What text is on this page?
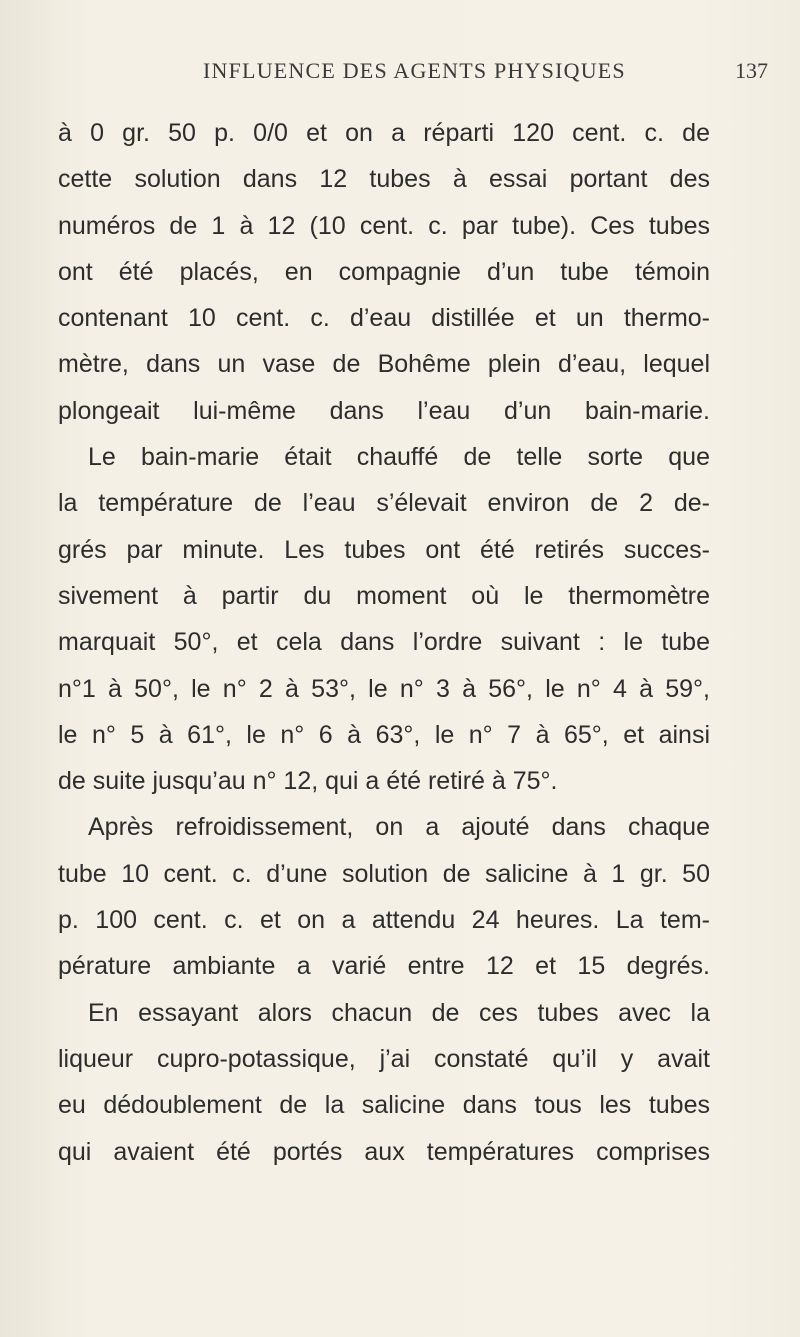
INFLUENCE DES AGENTS PHYSIQUES	137
à 0 gr. 50 p. 0/0 et on a réparti 120 cent. c. de
cette solution dans 12 tubes à essai portant des
numéros de 1 à 12 (10 cent. c. par tube). Ces tubes
ont été placés, en compagnie d’un tube témoin
contenant 10 cent. c. d’eau distillée et un thermo-
mètre, dans un vase de Bohême plein d’eau, lequel
plongeait lui-même dans l’eau d’un bain-marie.
Le bain-marie était chauffé de telle sorte que
la température de l’eau s’élevait environ de 2 de-
grés par minute. Les tubes ont été retirés succes-
sivement à partir du moment où le thermomètre
marquait 50°, et cela dans l’ordre suivant : le tube
n°1 à 50°, le n° 2 à 53°, le n° 3 à 56°, le n° 4 à 59°,
le n° 5 à 61°, le n° 6 à 63°, le n° 7 à 65°, et ainsi
de suite jusqu’au n° 12, qui a été retiré à 75°.
Après refroidissement, on a ajouté dans chaque
tube 10 cent. c. d’une solution de salicine à 1 gr. 50
p. 100 cent. c. et on a attendu 24 heures. La tem-
pérature ambiante a varié entre 12 et 15 degrés.
En essayant alors chacun de ces tubes avec la
liqueur cupro-potassique, j’ai constaté qu’il y avait
eu dédoublement de la salicine dans tous les tubes
qui avaient été portés aux températures comprises
